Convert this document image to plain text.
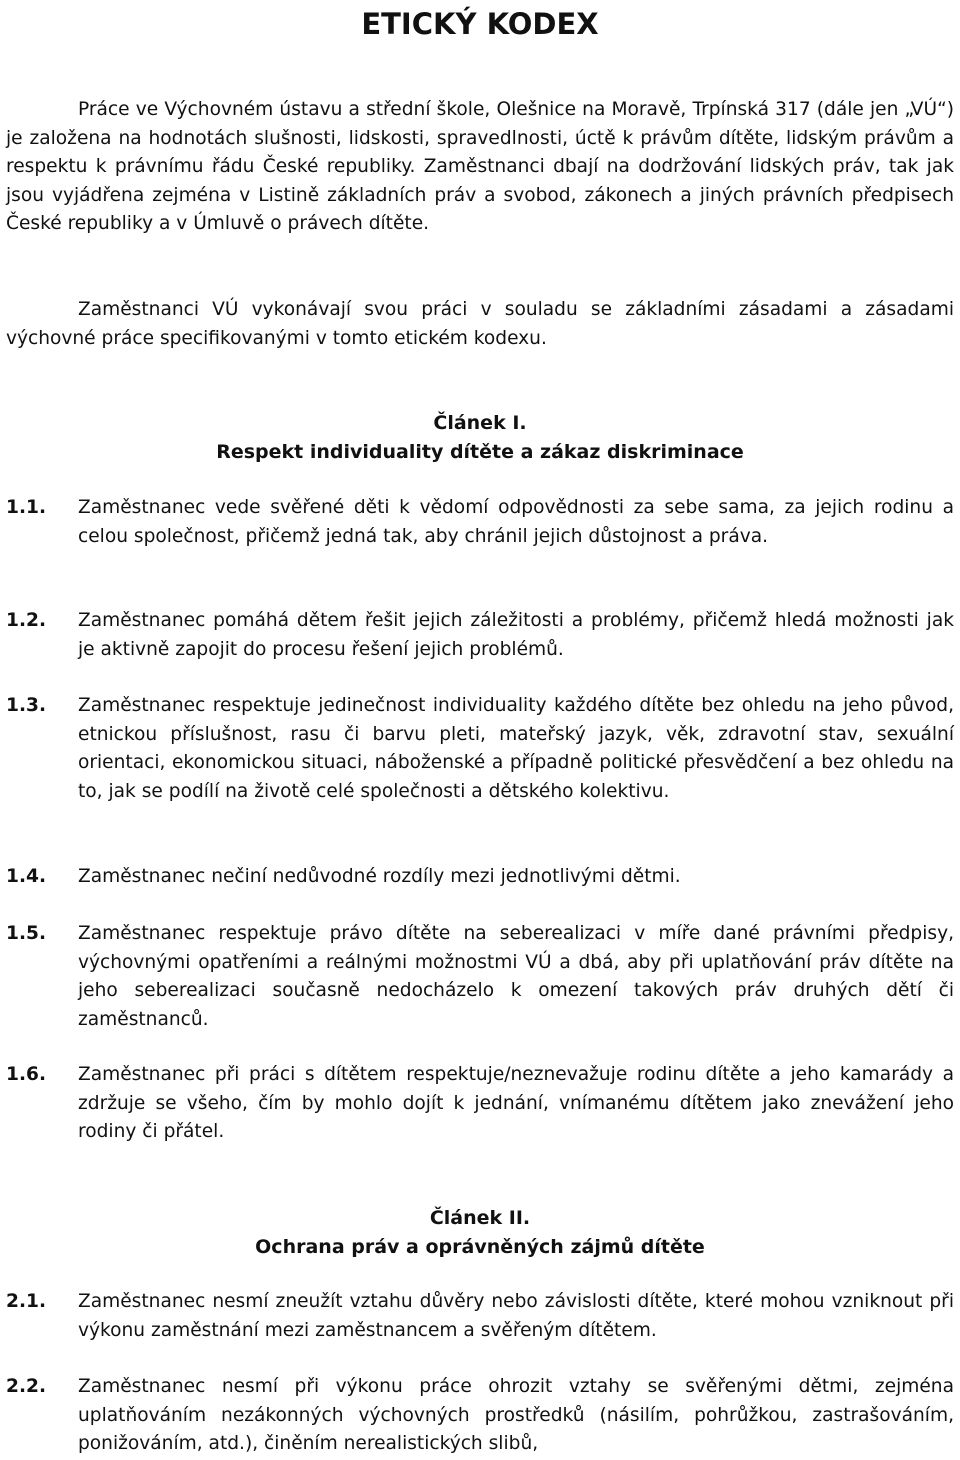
ETICKÝ KODEX

Práce ve Výchovném ústavu a střední škole, Olešnice na Moravě, Trpínská 317 (dále jen „VÚ“) je založena na hodnotách slušnosti, lidskosti, spravedlnosti, úctě k právům dítěte, lidským právům a respektu k právnímu řádu České republiky. Zaměstnanci dbají na dodržování lidských práv, tak jak jsou vyjádřena zejména v Listině základních práv a svobod, zákonech a jiných právních předpisech České republiky a v Úmluvě o právech dítěte.

Zaměstnanci VÚ vykonávají svou práci v souladu se základními zásadami a zásadami výchovné práce specifikovanými v tomto etickém kodexu.

Článek I.
Respekt individuality dítěte a zákaz diskriminace
1.1.	Zaměstnanec vede svěřené děti k vědomí odpovědnosti za sebe sama, za jejich rodinu a celou společnost, přičemž jedná tak, aby chránil jejich důstojnost a práva.
1.2.	Zaměstnanec pomáhá dětem řešit jejich záležitosti a problémy, přičemž hledá možnosti jak je aktivně zapojit do procesu řešení jejich problémů.
1.3.	Zaměstnanec respektuje jedinečnost individuality každého dítěte bez ohledu na jeho původ, etnickou příslušnost, rasu či barvu pleti, mateřský jazyk, věk, zdravotní stav, sexuální orientaci, ekonomickou situaci, náboženské a případně politické přesvědčení a bez ohledu na to, jak se podílí na životě celé společnosti a dětského kolektivu.
1.4.	Zaměstnanec nečiní nedůvodné rozdíly mezi jednotlivými dětmi.
1.5.	Zaměstnanec respektuje právo dítěte na seberealizaci v míře dané právními předpisy, výchovnými opatřeními a reálnými možnostmi VÚ a dbá, aby při uplatňování práv dítěte na jeho seberealizaci současně nedocházelo k omezení takových práv druhých dětí či zaměstnanců.
1.6.	Zaměstnanec při práci s dítětem respektuje/neznevažuje rodinu dítěte a jeho kamarády a zdržuje se všeho, čím by mohlo dojít k jednání, vnímanému dítětem jako znevážení jeho rodiny či přátel.
Článek II.
Ochrana práv a oprávněných zájmů dítěte
2.1.	Zaměstnanec nesmí zneužít vztahu důvěry nebo závislosti dítěte, které mohou vzniknout při výkonu zaměstnání mezi zaměstnancem a svěřeným dítětem.
2.2.	Zaměstnanec nesmí při výkonu práce ohrozit vztahy se svěřenými dětmi, zejména uplatňováním nezákonných výchovných prostředků (násilím, pohrůžkou, zastrašováním, ponižováním, atd.), činěním nerealistických slibů,
